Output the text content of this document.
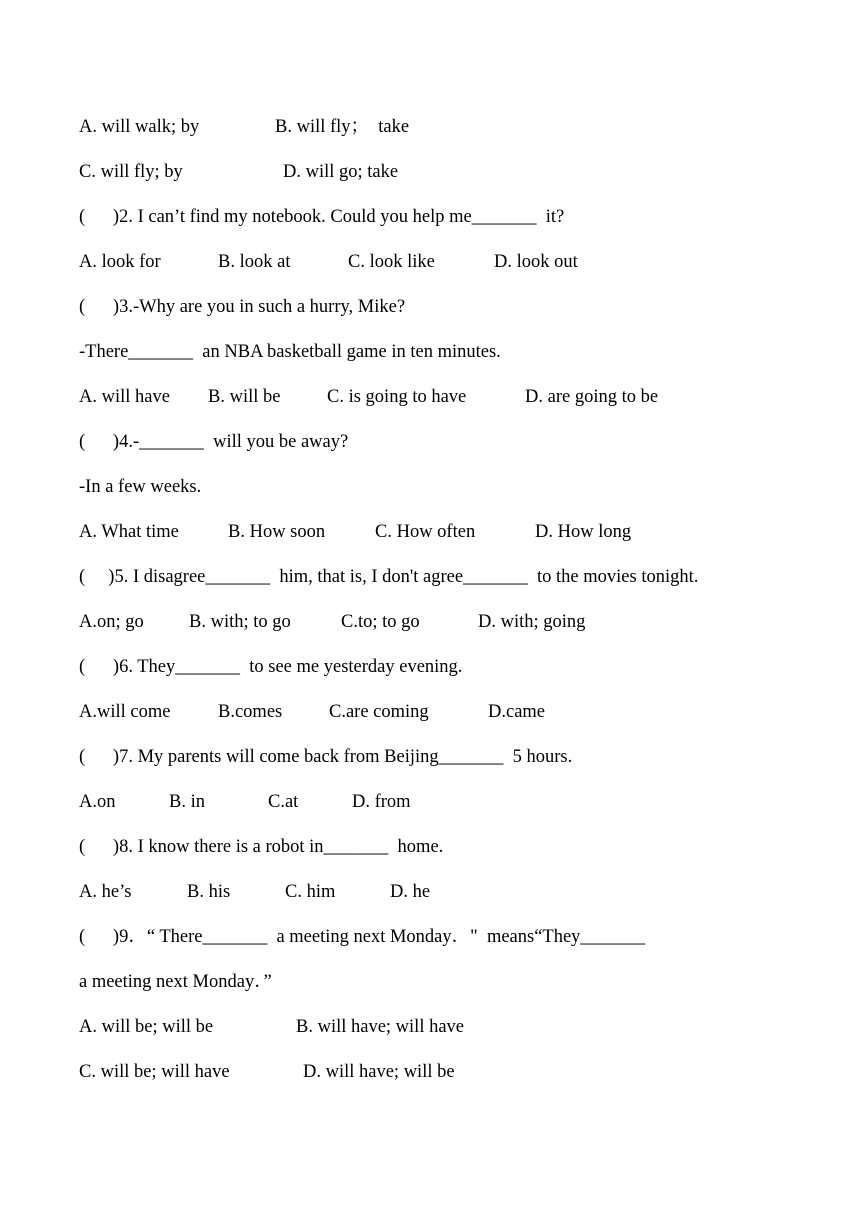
A. will walk; by

	B. will fly；  take

C. will fly; by

	D. will go; take

(      )2. I can’t find my notebook. Could you help me_______  it?

A. look for

	B. look at

	C. look like

	D. look out

(      )3.-Why are you in such a hurry, Mike?

-There_______  an NBA basketball game in ten minutes.

A. will have

B. will be

	C. is going to have

	D. are going to be

(      )4.-_______  will you be away?

-In a few weeks.

A. What time

	B. How soon

	C. How often

	D. How long

(     )5. I disagree_______  him, that is, I don't agree_______  to the movies tonight.

A.on; go

B. with; to go

	C.to; to go

	D. with; going

(      )6. They_______  to see me yesterday evening.

A.will come

	B.comes

	C.are coming

	D.came

(      )7. My parents will come back from Beijing_______  5 hours.

A.on

	B. in

	C.at

	D. from

(      )8. I know there is a robot in_______  home.

A. he’s

	B. his

	C. him

	D. he

(      )9．“ There_______  a meeting next Monday．"  means“They_______

a meeting next Monday．”

A. will be; will be

	B. will have; will have

C. will be; will have

	D. will have; will be
